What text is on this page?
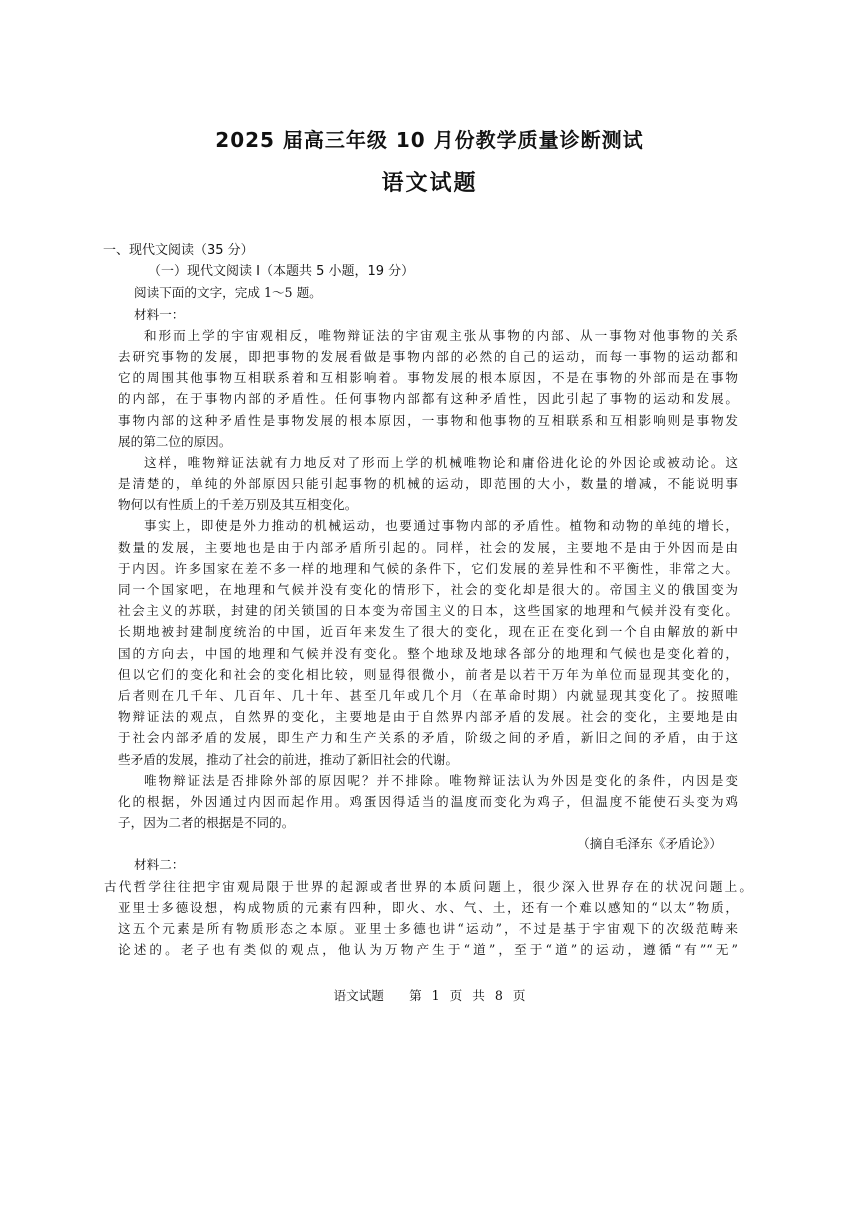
2025 届高三年级 10 月份教学质量诊断测试
语文试题
一、现代文阅读（35 分）
（一）现代文阅读 I（本题共 5 小题，19 分）
阅读下面的文字，完成 1～5 题。
材料一：
和形而上学的宇宙观相反，唯物辩证法的宇宙观主张从事物的内部、从一事物对他事物的关系
去研究事物的发展，即把事物的发展看做是事物内部的必然的自己的运动，而每一事物的运动都和
它的周围其他事物互相联系着和互相影响着。事物发展的根本原因，不是在事物的外部而是在事物
的内部，在于事物内部的矛盾性。任何事物内部都有这种矛盾性，因此引起了事物的运动和发展。
事物内部的这种矛盾性是事物发展的根本原因，一事物和他事物的互相联系和互相影响则是事物发
展的第二位的原因。
这样，唯物辩证法就有力地反对了形而上学的机械唯物论和庸俗进化论的外因论或被动论。这
是清楚的，单纯的外部原因只能引起事物的机械的运动，即范围的大小，数量的增减，不能说明事
物何以有性质上的千差万别及其互相变化。
事实上，即使是外力推动的机械运动，也要通过事物内部的矛盾性。植物和动物的单纯的增长，
数量的发展，主要地也是由于内部矛盾所引起的。同样，社会的发展，主要地不是由于外因而是由
于内因。许多国家在差不多一样的地理和气候的条件下，它们发展的差异性和不平衡性，非常之大。
同一个国家吧，在地理和气候并没有变化的情形下，社会的变化却是很大的。帝国主义的俄国变为
社会主义的苏联，封建的闭关锁国的日本变为帝国主义的日本，这些国家的地理和气候并没有变化。
长期地被封建制度统治的中国，近百年来发生了很大的变化，现在正在变化到一个自由解放的新中
国的方向去，中国的地理和气候并没有变化。整个地球及地球各部分的地理和气候也是变化着的，
但以它们的变化和社会的变化相比较，则显得很微小，前者是以若干万年为单位而显现其变化的，
后者则在几千年、几百年、几十年、甚至几年或几个月（在革命时期）内就显现其变化了。按照唯
物辩证法的观点，自然界的变化，主要地是由于自然界内部矛盾的发展。社会的变化，主要地是由
于社会内部矛盾的发展，即生产力和生产关系的矛盾，阶级之间的矛盾，新旧之间的矛盾，由于这
些矛盾的发展，推动了社会的前进，推动了新旧社会的代谢。
唯物辩证法是否排除外部的原因呢？并不排除。唯物辩证法认为外因是变化的条件，内因是变
化的根据，外因通过内因而起作用。鸡蛋因得适当的温度而变化为鸡子，但温度不能使石头变为鸡
子，因为二者的根据是不同的。
（摘自毛泽东《矛盾论》）
材料二：
古代哲学往往把宇宙观局限于世界的起源或者世界的本质问题上，很少深入世界存在的状况问题上。
亚里士多德设想，构成物质的元素有四种，即火、水、气、土，还有一个难以感知的“以太”物质，
这五个元素是所有物质形态之本原。亚里士多德也讲“运动”，不过是基于宇宙观下的次级范畴来
论述的。老子也有类似的观点，他认为万物产生于“道”，至于“道”的运动，遵循“有”“无”
语文试题　　第 1 页 共 8 页
